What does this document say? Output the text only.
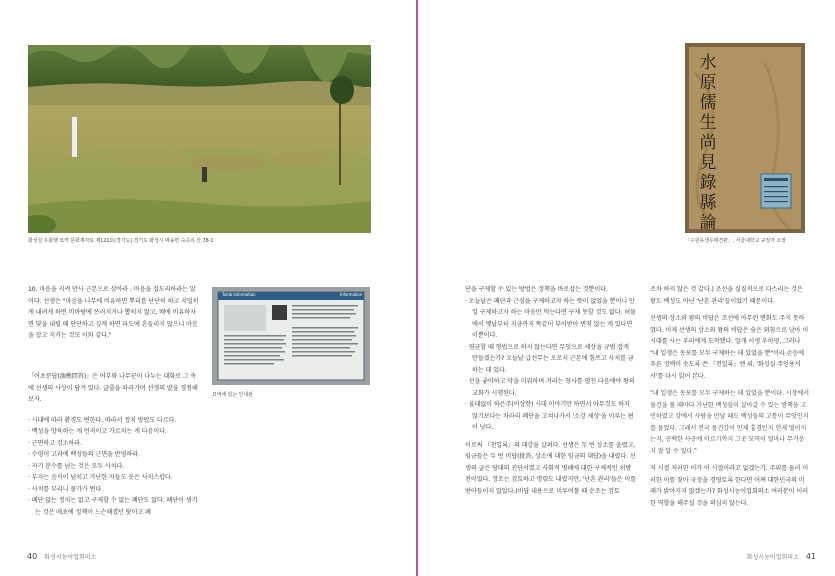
화성실 우화행 묘역 문화재자료 제121호(경기도) 경기도 화성시 매송면 숙곡리 산 78-1
Tomb Information	Information
묘역에 있는 안내판

10. 마음을 지켜 만사 근본으로 삼아라 : 마음을 집도리하라는 말이다. 선생은 "마음을 나무에 비유하면 뿌리를 단단히 하고 치밀히게 내려게 하면 비바람에 쓰러지거나 뽑히지 않고, 배에 비유하자면 닻을 내릴 때 단단하고 깊게 하면 파도에 흔들리지 않으니 마음을 잡고 지키는 것도 이와 같다."

「어초문답(漁樵問答)」은 어부와 나무꾼이 나누는 대화로 그 속에 선생의 사상이 담겨 있다. 글줄을 따라가며 선생의 말을 경청해보자.

· 시대에 따라 환경도 변한다. 따라서 정치 방법도 다르다.
· 백성을 양육하는 게 먼저이고 가르치는 게 다음이다.
· 근면하고 검소하라.
· 수령이 고과에 백성들의 근면을 반영하라.
· 자기 분수를 넘는 것은 모두 사치다.
· 부자는 음식이 넘치고 가난한 자들도 옷은 사치스럽다.
· 사치를 부리니 물가가 뛴다.
· 폐단 없는 정치는 없고 구제할 수 없는 폐단도 없다. 폐단이 생기는 것은 애초에 정책이 느슨해졌던 탓이고 폐
40 화성시농어업회의소
水
原
儒
生
尚
見
錄
縣
論
「수원유생우태견관」, 서울대학교 규장각 소장

단을 구제할 수 있는 방법은 정책을 바로잡는 것뿐이다.

· 오늘날은 폐단과 근심을 구제하고자 하는 뜻이 없었을 뿐이니 만일 구제하고자 하는 마음만 먹는다면 구제 못할 것도 없다. 허물에서 옛날부터 지금까지 똑같이 부어받아 변치 않는 게 있다면 이뿐이다.
· 염균할 때 형법으로 하지 않는다면 무엇으로 세상을 규범 잡게 만들겠는가? 오늘날 급선무는 오로지 근본에 힘쓰고 사치를 금하는 데 있다.
· 선을 좋아하고 악을 미워하며 거리는 청사를 펼친 다음에야 왕의 교화가 시행된다.
· 올대없이 하은주(이상향) 시대 이야기만 하면서 아무것도 하지 않기보다는 차라리 폐단을 고쳐나가서 '소강 세상'을 이루는 편이 낫다.

이로써 『천일록』의 대강을 살펴다. 선생은 두 번 상소를 올렸고, 임금들은 두 번 비답(批答, 상소에 대한 임금의 대답)을 내렸다. 선생의 글은 당대의 진단서였고 사회적 병폐에 대한 구체적인 처방전이었다. 정조는 검토하고 명령도 내렸지만, '난흔 관리'들은 이를 받아들이지 않았다.(비답 내용으로 미루어볼 때 순조는 검토

조차 하지 않은 것 같다.) 조선을 실질적으로 다스리는 것은 왕도 백성도 아닌 '난흔 관리'들이었기 때문이다.

선생의 상소와 왕의 비답은 조선에 아무런 변화도 주지 못하였다. 이제 선생의 상소와 왕의 비답은 숨은 외침으로 남아 이 시대를 사는 우리에게 도착했다. 일개 서생 우하영, 그러나 "내 일생은 동포를 모두 구제하는 데 있었을 뿐"이라 손등에 푸른 정맥이 솟도록 쓴 『천일록』엔 위, '화성실 주인용서서'를 다시 읽어 본다.

"내 일생은 동포를 모두 구제하는 데 있었을 뿐이다. 시장에서 물건을 볼 때마다 가난한 백성들이 살아갈 수 있는 방책을 고민하였고 강에서 사람을 만날 때도 백성들의 고통이 무엇인지를 물었다. 그래서 전국 몸건강이 언제 흉겸인지 언제 떨어지는지, 공백한 사공에 이르기까지 그곳 모역이 얼마나 무거운지 잘 알 수 있다."

저 시절 저러한 이가 이 시절이라고 없겠는가. 주위를 둘러 이러한 이를 찾아 국정을 경영토록 한다면 어쩌 대한민국의 미래가 밝아지지 않겠는가? 화성시농어업회의소 여러분이 이러한 역할을 해주실 것을 의심치 않는다.

화성시농어업회의소 41
